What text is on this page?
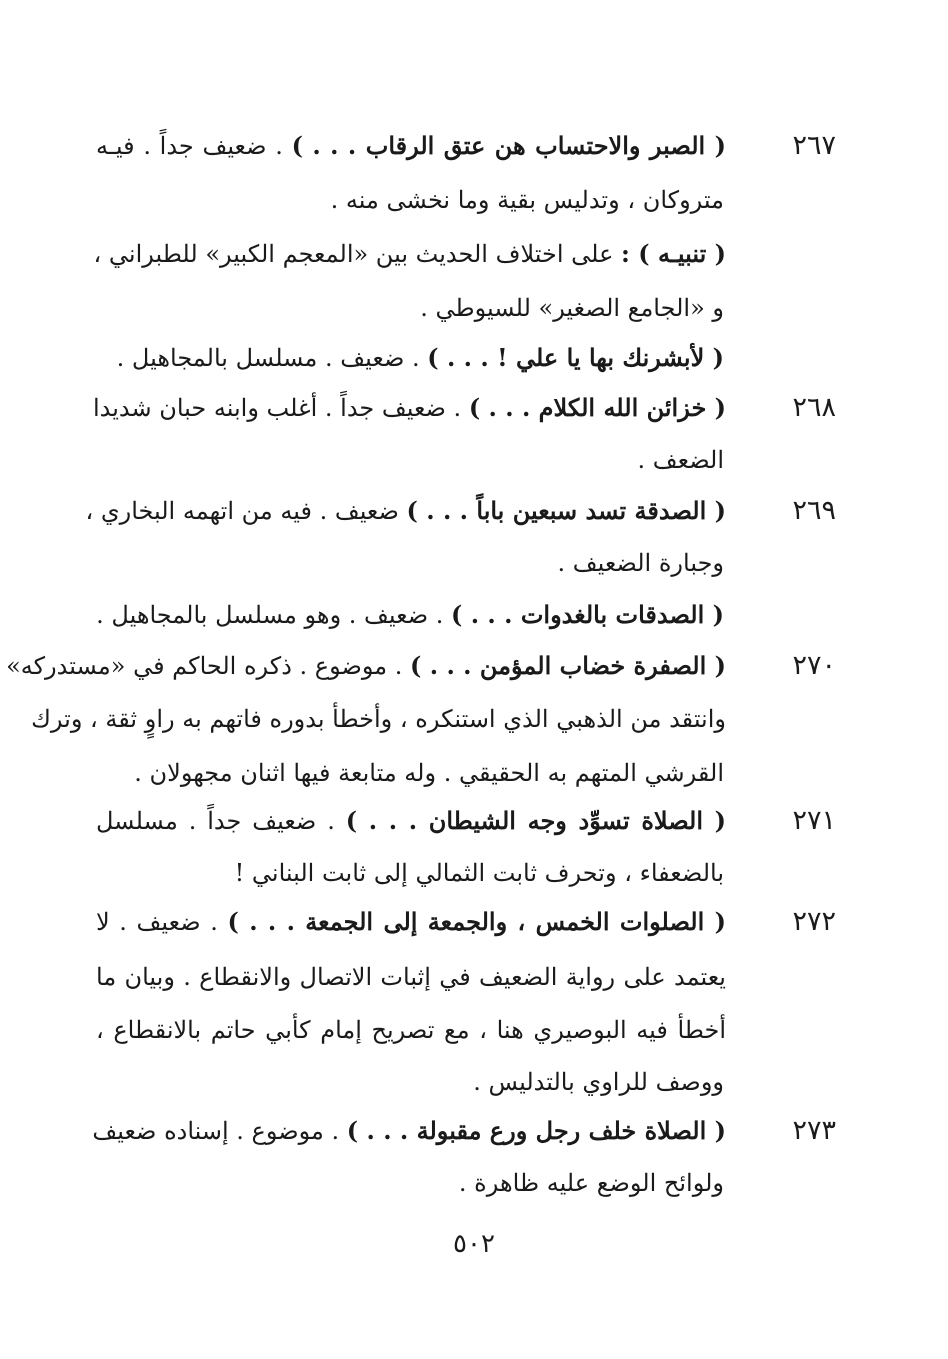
٢٦٧
( الصبر والاحتساب هن عتق الرقاب . . . ) . ضعيف جداً . فيـه
متروكان ، وتدليس بقية وما نخشى منه .
( تنبيـه ) : على اختلاف الحديث بين «المعجم الكبير» للطبراني ،
و «الجامع الصغير» للسيوطي .
( لأبشرنك بها يا علي ! . . . ) . ضعيف . مسلسل بالمجاهيل .
٢٦٨
( خزائن الله الكلام . . . ) . ضعيف جداً . أغلب وابنه حبان شديدا
الضعف .
٢٦٩
( الصدقة تسد سبعين باباً . . . ) ضعيف . فيه من اتهمه البخاري ،
وجبارة الضعيف .
( الصدقات بالغدوات . . . ) . ضعيف . وهو مسلسل بالمجاهيل .
٢٧٠
( الصفرة خضاب المؤمن . . . ) . موضوع . ذكره الحاكم في «مستدركه»
وانتقد من الذهبي الذي استنكره ، وأخطأ بدوره فاتهم به راوٍ ثقة ، وترك
القرشي المتهم به الحقيقي . وله متابعة فيها اثنان مجهولان .
٢٧١
( الصلاة تسوِّد وجه الشيطان . . . ) . ضعيف جداً . مسلسل
بالضعفاء ، وتحرف ثابت الثمالي إلى ثابت البناني !
٢٧٢
( الصلوات الخمس ، والجمعة إلى الجمعة . . . ) . ضعيف . لا
يعتمد على رواية الضعيف في إثبات الاتصال والانقطاع . وبيان ما
أخطأ فيه البوصيري هنا ، مع تصريح إمام كأبي حاتم بالانقطاع ،
ووصف للراوي بالتدليس .
٢٧٣
( الصلاة خلف رجل ورع مقبولة . . . ) . موضوع . إسناده ضعيف
ولوائح الوضع عليه ظاهرة .
٥٠٢
